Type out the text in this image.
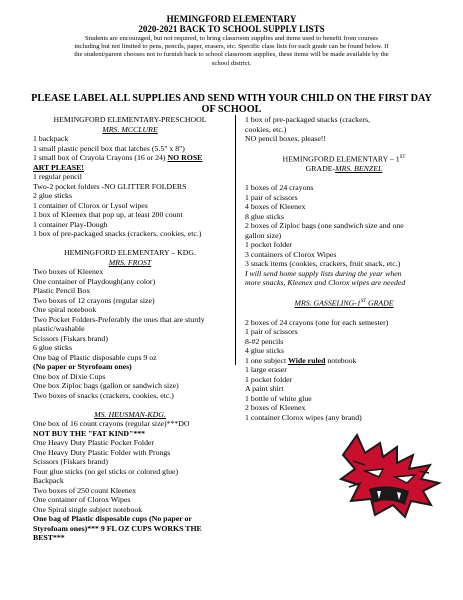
HEMINGFORD ELEMENTARY
2020-2021 BACK TO SCHOOL SUPPLY LISTS
Students are encouraged, but not required, to bring classroom supplies and items used to benefit from courses
including but not limited to pens, pencils, paper, erasers, etc. Specific class lists for each grade can be found below. If
the student/parent chooses not to furnish back to school classroom supplies, these items will be made available by the
school district.
PLEASE LABEL ALL SUPPLIES AND SEND WITH YOUR CHILD ON THE FIRST DAY
OF SCHOOL
HEMINGFORD ELEMENTARY-PRESCHOOL
MRS. MCCLURE
1 backpack
1 small plastic pencil box that latches (5.5" x 8")
1 small box of Crayola Crayons (16 or 24) NO ROSE
ART PLEASE!
1 regular pencil
Two-2 pocket folders -NO GLITTER FOLDERS
2 glue sticks
1 container of Clorox or Lysol wipes
1 box of Kleenex that pop up, at least 200 count
1 container Play-Dough
1 box of pre-packaged snacks (crackers, cookies, etc.)
HEMINGFORD ELEMENTARY – KDG.
MRS. FROST
Two boxes of Kleenex
One container of Playdough(any color)
Plastic Pencil Box
Two boxes of 12 crayons (regular size)
One spiral notebook
Two Pocket Folders-Preferably the ones that are sturdy
plastic/washable
Scissors (Fiskars brand)
6 glue sticks
One bag of Plastic disposable cups 9 oz
(No paper or Styrofoam ones)
One box of Dixie Cups
One box Ziploc bags (gallon or sandwich size)
Two boxes of snacks (crackers, cookies, etc.)
MS. HEUSMAN-KDG.
One box of 16 count crayons (regular size)***DO
NOT BUY THE "FAT KIND"***
One Heavy Duty Plastic Pocket Folder
One Heavy Duty Plastic Folder with Prongs
Scissors (Fiskars brand)
Four glue sticks (no gel sticks or colored glue)
Backpack
Two boxes of 250 count Kleenex
One container of Clorox Wipes
One Spiral single subject notebook
One bag of Plastic disposable cups (No paper or
Styrofoam ones)*** 9 FL OZ CUPS WORKS THE
BEST***
1 box of pre-packaged snacks (crackers,
cookies, etc.)
NO pencil boxes, please!!
HEMINGFORD ELEMENTARY – 1ST
GRADE-MRS. BENZEL
1 boxes of 24 crayons
1 pair of scissors
4 boxes of Kleenex
8 glue sticks
2 boxes of Ziploc bags (one sandwich size and one
gallon size)
1 pocket folder
3 containers of Clorox Wipes
3 snack items (cookies, crackers, fruit snack, etc.)
I will send home supply lists during the year when
more snacks, Kleenex and Clorox wipes are needed
MRS. GASSELING-1ST GRADE
2 boxes of 24 crayons (one for each semester)
1 pair of scissors
8-#2 pencils
4 glue sticks
1 one subject Wide ruled notebook
1 large eraser
1 pocket folder
A paint shirt
1 bottle of white glue
2 boxes of Kleenex
1 container Clorox wipes (any brand)
